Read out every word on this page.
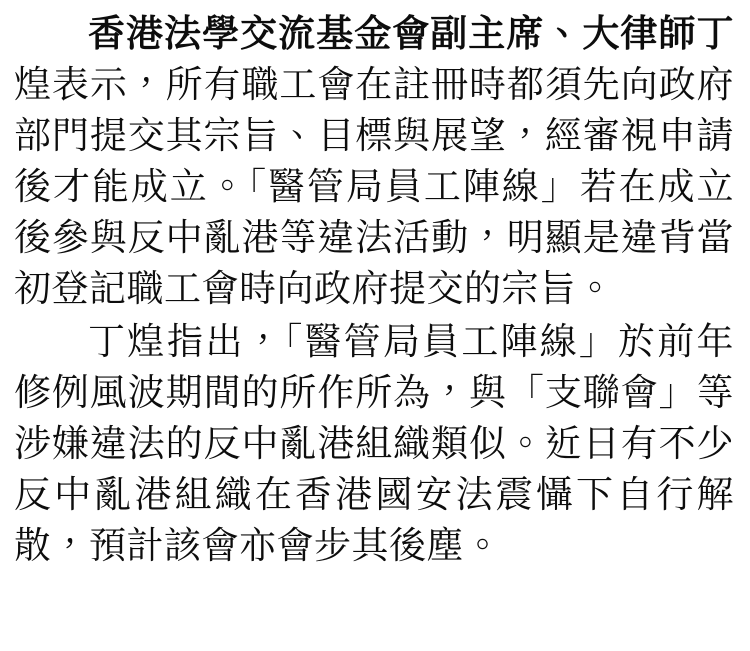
香港法學交流基金會副主席、大律師丁煌表示，所有職工會在註冊時都須先向政府部門提交其宗旨、目標與展望，經審視申請後才能成立。「醫管局員工陣線」若在成立後參與反中亂港等違法活動，明顯是違背當初登記職工會時向政府提交的宗旨。

丁煌指出，「醫管局員工陣線」於前年修例風波期間的所作所為，與「支聯會」等涉嫌違法的反中亂港組織類似。近日有不少反中亂港組織在香港國安法震懾下自行解散，預計該會亦會步其後塵。
